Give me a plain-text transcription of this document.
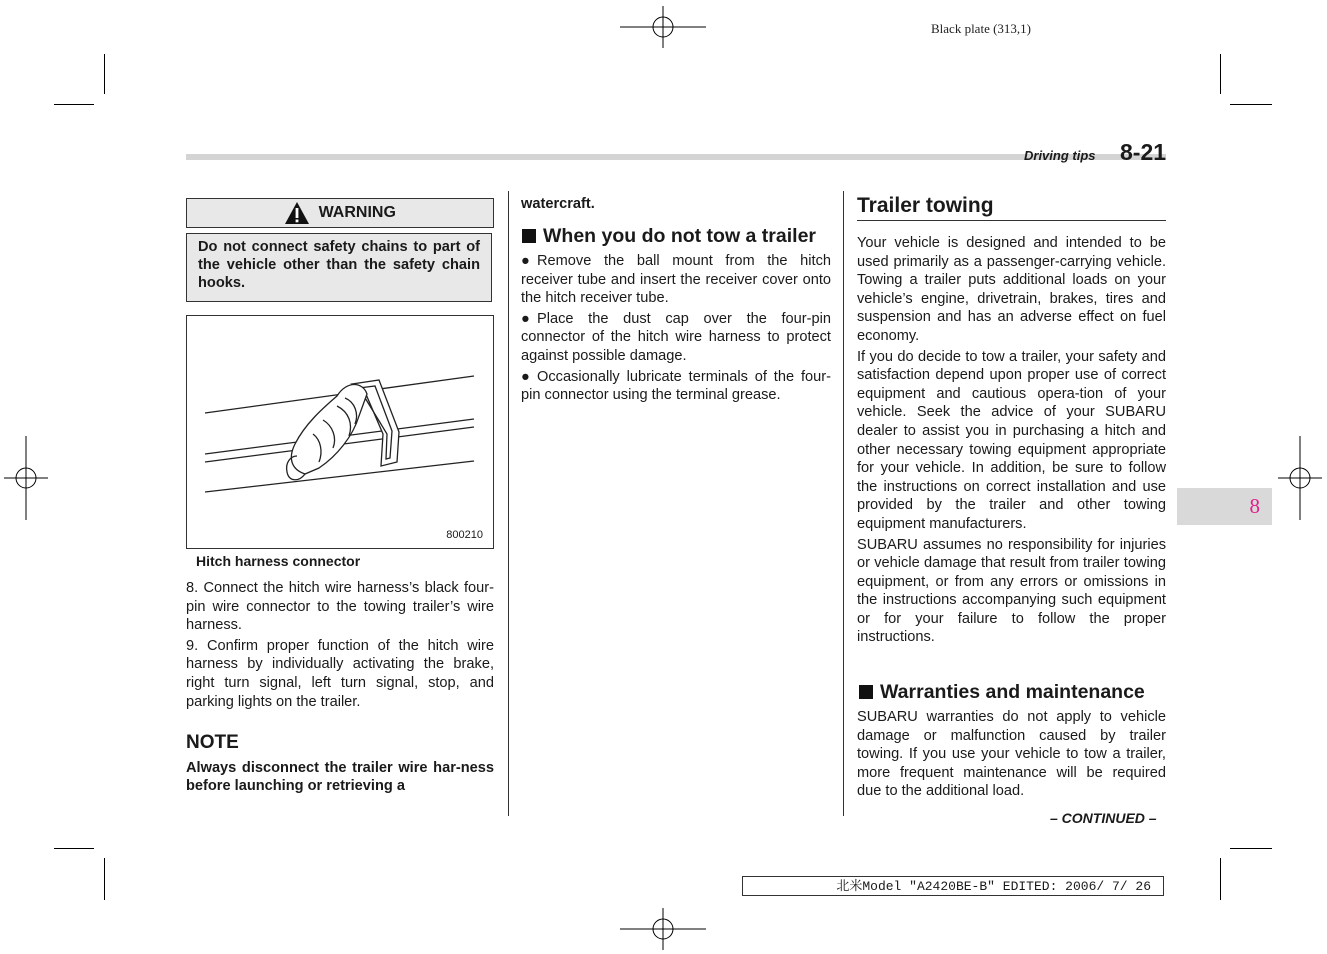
Black plate (313,1)
Driving tips 8-21
WARNING
Do not connect safety chains to part of the vehicle other than the safety chain hooks.
800210
Hitch harness connector

8. Connect the hitch wire harness’s black four-pin wire connector to the towing trailer’s wire harness.

9. Confirm proper function of the hitch wire harness by individually activating the brake, right turn signal, left turn signal, stop, and parking lights on the trailer.

NOTE
Always disconnect the trailer wire har-ness before launching or retrieving a
watercraft.
When you do not tow a trailer

● Remove the ball mount from the hitch receiver tube and insert the receiver cover onto the hitch receiver tube.

● Place the dust cap over the four-pin connector of the hitch wire harness to protect against possible damage.

● Occasionally lubricate terminals of the four-pin connector using the terminal grease.

Trailer towing

Your vehicle is designed and intended to be used primarily as a passenger-carrying vehicle. Towing a trailer puts additional loads on your vehicle’s engine, drivetrain, brakes, tires and suspension and has an adverse effect on fuel economy.

If you do decide to tow a trailer, your safety and satisfaction depend upon proper use of correct equipment and cautious opera-tion of your vehicle. Seek the advice of your SUBARU dealer to assist you in purchasing a hitch and other necessary towing equipment appropriate for your vehicle. In addition, be sure to follow the instructions on correct installation and use provided by the trailer and other towing equipment manufacturers.

SUBARU assumes no responsibility for injuries or vehicle damage that result from trailer towing equipment, or from any errors or omissions in the instructions accompanying such equipment or for your failure to follow the proper instructions.

Warranties and maintenance
SUBARU warranties do not apply to vehicle damage or malfunction caused by trailer towing. If you use your vehicle to tow a trailer, more frequent maintenance will be required due to the additional load.
– CONTINUED –
8
北米Model "A2420BE-B" EDITED: 2006/ 7/ 26
